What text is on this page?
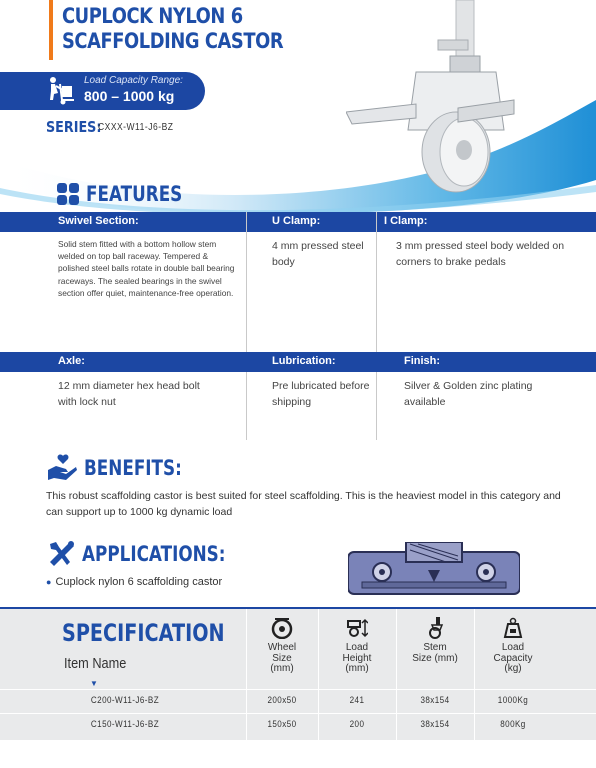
CUPLOCK NYLON 6
SCAFFOLDING CASTOR
Load Capacity Range:
800 – 1000 kg
SERIES:
CXXX-W11-J6-BZ
FEATURES
Swivel Section:	U Clamp:	I Clamp:
Solid stem fitted with a bottom hollow stem welded on top ball raceway. Tempered & polished steel balls rotate in double ball bearing raceways. The sealed bearings in the swivel section offer quiet, maintenance-free operation.
4 mm pressed steel body
3 mm pressed steel body welded on corners to brake pedals
Axle:	Lubrication:	Finish:
12 mm diameter hex head bolt with lock nut
Pre lubricated before shipping
Silver & Golden zinc plating available
BENEFITS:
This robust scaffolding castor is best suited for steel scaffolding. This is the heaviest model in this category and can support up to 1000 kg dynamic load
APPLICATIONS:
● Cuplock nylon 6 scaffolding castor
SPECIFICATION
Item Name
▼
Wheel
Size
(mm)
Load
Height
(mm)
Stem
Size (mm)
Load
Capacity
(kg)
C200-W11-J6-BZ	200x50	241	38x154	1000Kg
C150-W11-J6-BZ	150x50	200	38x154	800Kg
